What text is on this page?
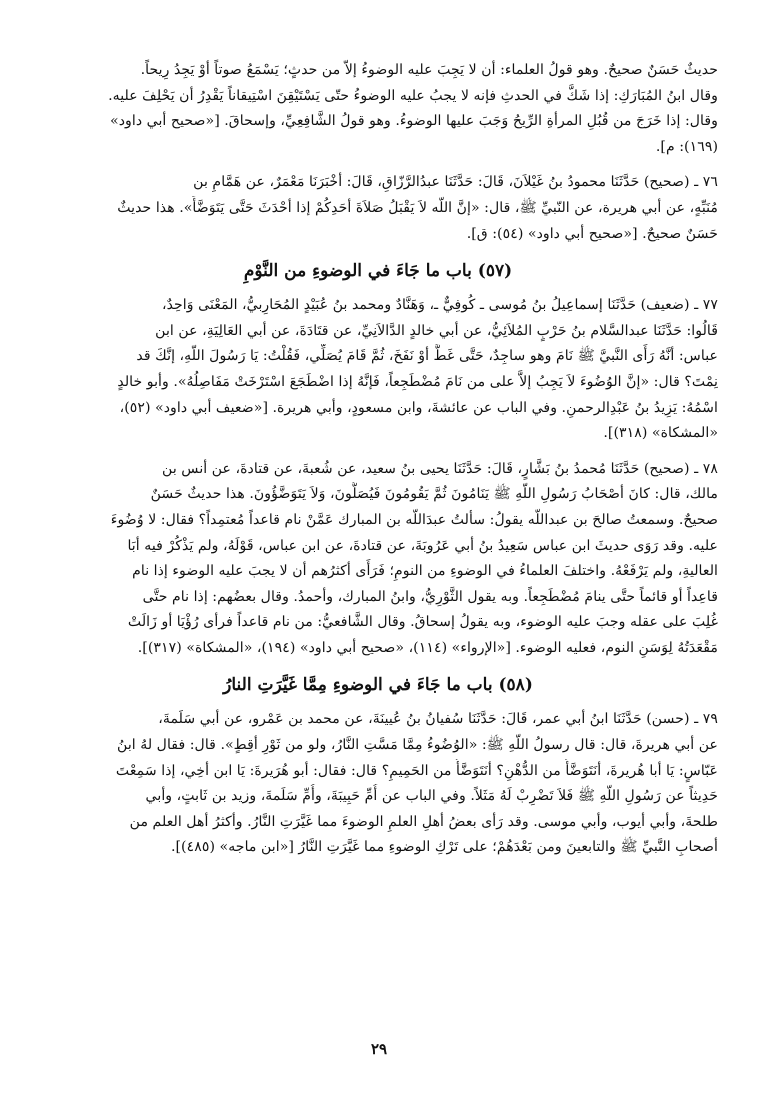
حديثٌ حَسَنٌ صحيحٌ. وهو قولُ العلماء: أن لا يَجِبَ عليه الوضوءُ إلاّ من حدثٍ؛ يَسْمَعُ صوتاً أوْ يَجِدُ رِيحاً.

وقال ابنُ المُبَارَكِ: إذا شَكَّ في الحدثِ فإنه لا يجبُ عليه الوضوءُ حتّى يَسْتَيْقِنَ اسْتِيقاناً يَقْدِرُ أن يَحْلِفَ عليه.

وقال: إذا خَرَجَ من قُبُلِ المرأةِ الرِّيحُ وَجَبَ عليها الوضوءُ. وهو قولُ الشَّافِعِيِّ، وإسحاقَ. [«صحيح أبي داود»

(١٦٩): م].

٧٦ ـ (صحيح) حَدَّثَنَا محمودُ بنُ غَيْلاَنَ، قَالَ: حَدَّثَنَا عبدُالرَّزّاقِ، قَالَ: أخْبَرَنَا مَعْمَرٌ، عن هَمَّامِ بن

مُنَبِّهٍ، عن أبي هريرة، عن النّبيِّ ﷺ، قال: «إنَّ اللّه لاَ يَقْبَلُ صَلاَةَ أحَدِكُمْ إذا أحْدَثَ حَتَّى يَتَوَضَّأَ». هذا حديثٌ

حَسَنٌ صحيحٌ. [«صحيح أبي داود» (٥٤): ق].

(٥٧) باب ما جَاءَ في الوضوءِ من النَّوْمِ

٧٧ ـ (ضعيف) حَدَّثَنَا إسماعِيلُ بنُ مُوسى ـ كُوفِيٌّ ـ، وَهَنَّادٌ ومحمد بنُ عُبَيْدٍ المُحَارِبيُّ، المَعْنَى وَاحِدٌ،

قَالُوا: حَدَّثَنَا عبدالسَّلام بنُ حَرْبٍ المُلاَئِيُّ، عن أبي خالدٍ الدَّالاَنِيِّ، عن قتَادَةَ، عن أبي العَالِيَةِ، عن ابن

عباس: أنَّهُ رَأَى النَّبيَّ ﷺ نَامَ وهو ساجِدٌ، حَتَّى غَطَّ أوْ نَفَخَ، ثُمَّ قَامَ يُصَلِّي، فَقُلْتُ: يَا رَسُولَ اللّهِ، إنَّكَ قد

نِمْتَ؟ قال: «إنَّ الوُضُوءَ لاَ يَجِبُ إلاَّ على من نَامَ مُضْطَجِعاً، فَإنَّهُ إذا اضْطَجَعَ اسْتَرْخَتْ مَفَاصِلُهُ». وأبو خالدٍ

اسْمُهُ: يَزِيدُ بنُ عَبْدِالرحمنِ. وفي الباب عن عائشةَ، وابن مسعودٍ، وأبي هريرة. [«ضعيف أبي داود» (٥٢)،

«المشكاة» (٣١٨)].

٧٨ ـ (صحيح) حَدَّثَنَا مُحمدُ بنُ بَشَّارٍ، قَالَ: حَدَّثَنَا يحيى بنُ سعيد، عن شُعبةَ، عن قتادةَ، عن أنس بن

مالك، قال: كانَ أصْحَابُ رَسُولِ اللّهِ ﷺ يَنَامُونَ ثُمَّ يَقُومُونَ فَيُصَلُّونَ، وَلاَ يَتَوَضَّؤُونَ. هذا حديثٌ حَسَنٌ

صحيحٌ. وسمعتُ صالحَ بن عبداللّه يقولُ: سألتُ عبدَاللّه بن المبارك عَمَّنْ نام قاعداً مُعتمِداً؟ فقال: لا وُضُوءَ

عليه. وقد رَوَى حديثَ ابن عباس سَعِيدُ بنُ أبي عَرُوبَةَ، عن قتادةَ، عن ابن عباس، قَوْلَهُ، ولم يَذْكُرْ فيه أبَا

العاليةِ، ولم يَرْفَعْهُ. واختلفَ العلماءُ في الوضوءِ من النومِ؛ فَرَأَى أكثرُهم أن لا يجبَ عليه الوضوء إذا نام

قاعِداً أو قائماً حتَّى ينامَ مُضْطَجِعاً. وبه يقول الثَّوْرِيُّ، وابنُ المبارك، وأحمدُ. وقال بعضُهم: إذا نام حتَّى

غُلِبَ على عقله وجبَ عليه الوضوء، وبه يقولُ إسحاقُ. وقال الشَّافعيُّ: من نام قاعداً فرأى رُؤْيَا أو زَالَتْ

مَقْعَدَتُهُ لِوَسَنِ النوم، فعليه الوضوء. [«الإرواء» (١١٤)، «صحيح أبي داود» (١٩٤)، «المشكاة» (٣١٧)].

(٥٨) باب ما جَاءَ في الوضوءِ مِمَّا غَيَّرَتِ النارُ

٧٩ ـ (حسن) حَدَّثَنَا ابنُ أبي عمر، قَالَ: حَدَّثَنَا سُفيانُ بنُ عُيينَةَ، عن محمد بن عَمْرو، عن أبي سَلَمةَ،

عن أبي هريرةَ، قال: قال رسولُ اللّهِ ﷺ: «الوُضُوءُ مِمَّا مَسَّتِ النَّارُ، ولو من ثَوْرِ أقِطٍ». قال: فقال لهُ ابنُ

عَبّاسٍ: يَا أبا هُريرةَ، أنَتَوَضَّأُ من الدُّهْنِ؟ أنَتَوَضَّأُ من الحَمِيمِ؟ قال: فقال: أبو هُرَيرةَ: يَا ابن أخِي، إذا سَمِعْتَ

حَدِيثاً عن رَسُولِ اللّهِ ﷺ فَلاَ تَضْرِبْ لَهُ مَثَلاً. وفي الباب عن أُمِّ حَبِيبَةَ، وأُمِّ سَلَمةَ، وزيد بن ثَابتٍ، وأبي

طلحةَ، وأبي أيوب، وأبي موسى. وقد رَأى بعضُ أهلِ العلمِ الوضوءَ مما غَيَّرَتِ النَّارُ. وأكثرُ أهل العلم من

أصحابِ النَّبيِّ ﷺ والتابعينَ ومن بَعْدَهُمْ؛ على تَرْكِ الوضوءِ مما غَيَّرَتِ النَّارُ [«ابن ماجه» (٤٨٥)].

٢٩
